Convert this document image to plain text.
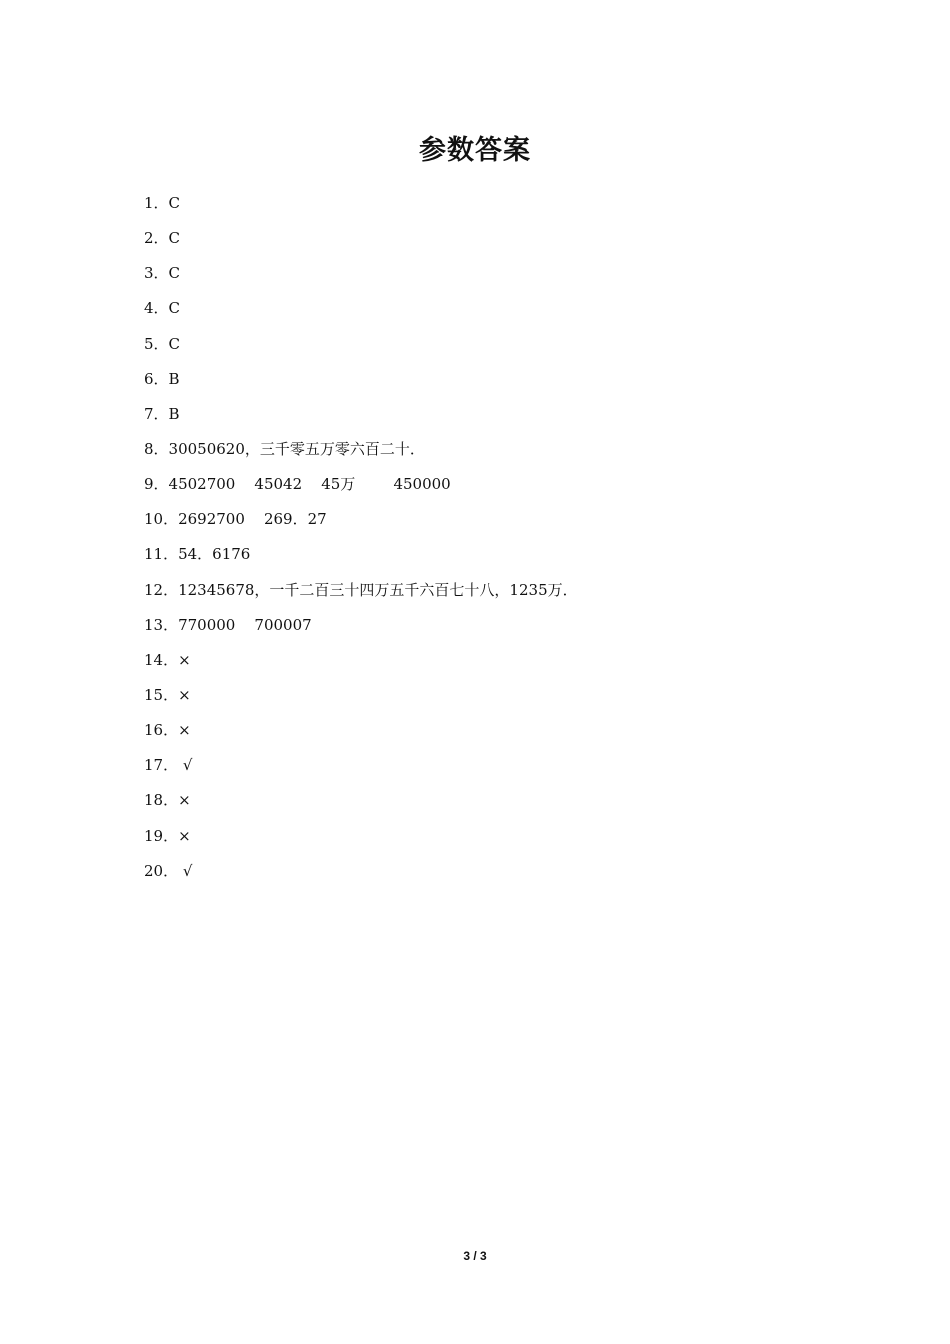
参数答案
1．C
2．C
3．C
4．C
5．C
6．B
7．B
8．30050620，三千零五万零六百二十．
9．4502700    45042    45万        450000
10．2692700    269．27
11．54．6176
12．12345678，一千二百三十四万五千六百七十八，1235万．
13．770000    700007
14．×
15．×
16．×
17． √
18．×
19．×
20． √
3 / 3
